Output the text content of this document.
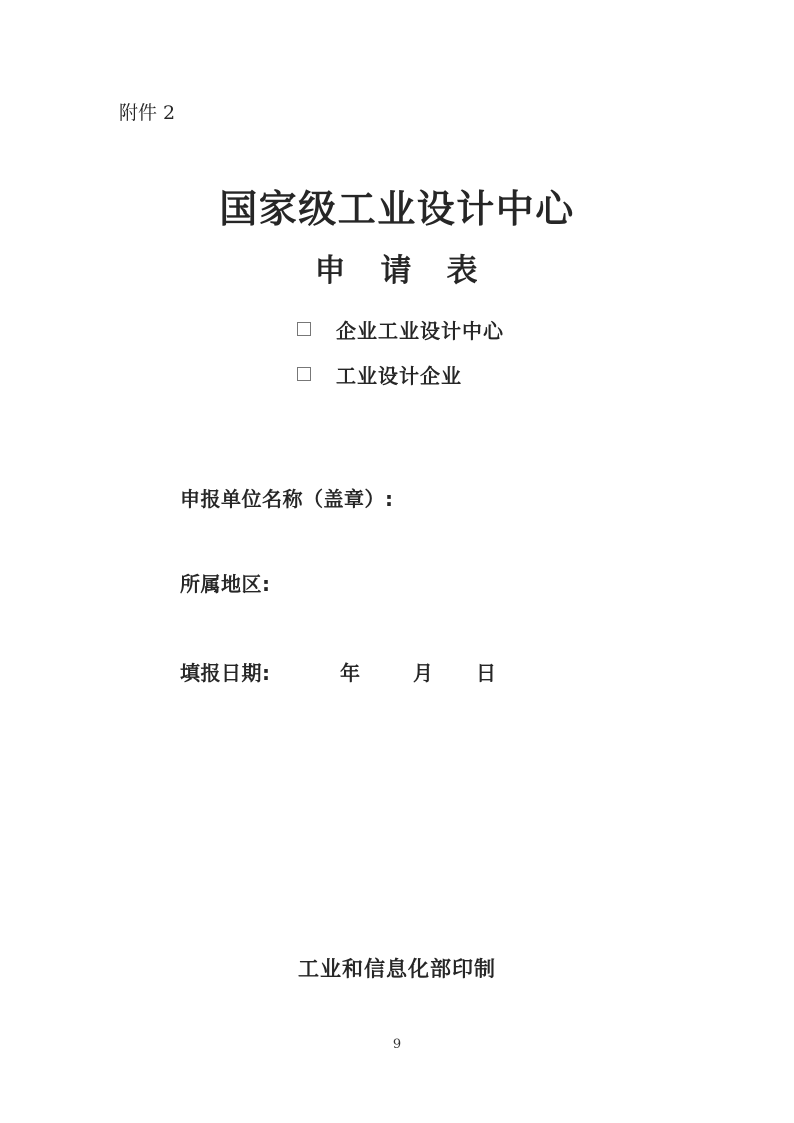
附件 2
国家级工业设计中心
申　请　表
企业工业设计中心
工业设计企业
申报单位名称（盖章）:
所属地区:
填报日期:	年	月 日
工业和信息化部印制
9
